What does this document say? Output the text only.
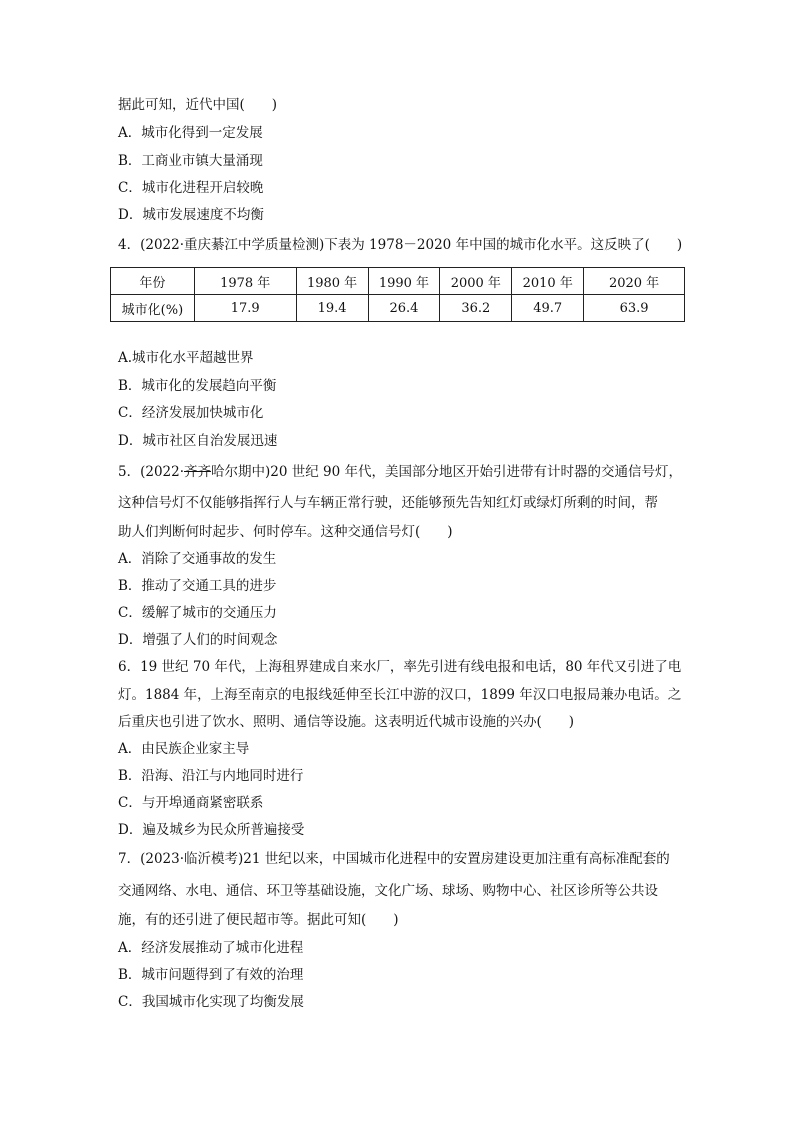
据此可知，近代中国(　　)
A．城市化得到一定发展
B．工商业市镇大量涌现
C．城市化进程开启较晚
D．城市发展速度不均衡
4．(2022·重庆綦江中学质量检测)下表为 1978－2020 年中国的城市化水平。这反映了(　　)
年份	1978 年	1980 年	1990 年	2000 年	2010 年	2020 年
城市化(%)	17.9	19.4	26.4	36.2	49.7	63.9
A.城市化水平超越世界
B．城市化的发展趋向平衡
C．经济发展加快城市化
D．城市社区自治发展迅速
5．(2022·齐齐哈尔期中)20 世纪 90 年代，美国部分地区开始引进带有计时器的交通信号灯，
这种信号灯不仅能够指挥行人与车辆正常行驶，还能够预先告知红灯或绿灯所剩的时间，帮
助人们判断何时起步、何时停车。这种交通信号灯(　　)
A．消除了交通事故的发生
B．推动了交通工具的进步
C．缓解了城市的交通压力
D．增强了人们的时间观念
6．19 世纪 70 年代，上海租界建成自来水厂，率先引进有线电报和电话，80 年代又引进了电
灯。1884 年，上海至南京的电报线延伸至长江中游的汉口，1899 年汉口电报局兼办电话。之
后重庆也引进了饮水、照明、通信等设施。这表明近代城市设施的兴办(　　)
A．由民族企业家主导
B．沿海、沿江与内地同时进行
C．与开埠通商紧密联系
D．遍及城乡为民众所普遍接受
7．(2023·临沂模考)21 世纪以来，中国城市化进程中的安置房建设更加注重有高标准配套的
交通网络、水电、通信、环卫等基础设施，文化广场、球场、购物中心、社区诊所等公共设
施，有的还引进了便民超市等。据此可知(　　)
A．经济发展推动了城市化进程
B．城市问题得到了有效的治理
C．我国城市化实现了均衡发展
